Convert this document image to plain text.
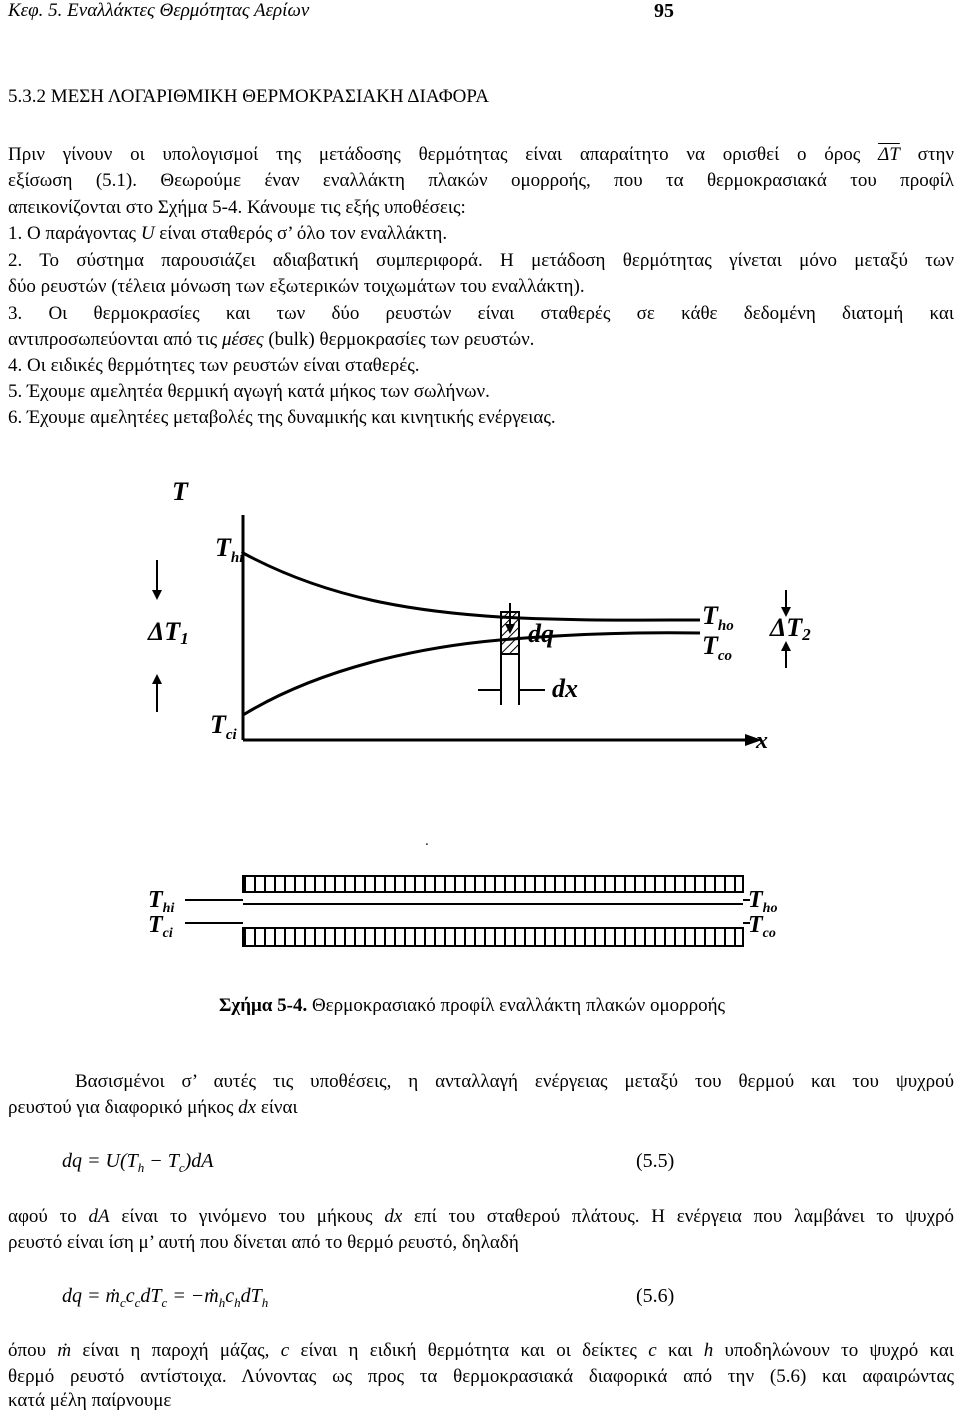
Κεφ. 5. Εναλλάκτες Θερμότητας Αερίων	95
5.3.2 ΜΕΣΗ ΛΟΓΑΡΙΘΜΙΚΗ ΘΕΡΜΟΚΡΑΣΙΑΚΗ ΔΙΑΦΟΡΑ
Πριν γίνουν οι υπολογισμοί της μετάδοσης θερμότητας είναι απαραίτητο να ορισθεί ο όρος $\overline{\Delta T}$ στην
εξίσωση (5.1). Θεωρούμε έναν εναλλάκτη πλακών ομορροής, που τα θερμοκρασιακά του προφίλ
απεικονίζονται στο Σχήμα 5-4. Κάνουμε τις εξής υποθέσεις:
1. Ο παράγοντας U είναι σταθερός σ’ όλο τον εναλλάκτη.
2. Το σύστημα παρουσιάζει αδιαβατική συμπεριφορά. Η μετάδοση θερμότητας γίνεται μόνο μεταξύ των
δύο ρευστών (τέλεια μόνωση των εξωτερικών τοιχωμάτων του εναλλάκτη).
3. Οι θερμοκρασίες και των δύο ρευστών είναι σταθερές σε κάθε δεδομένη διατομή και
αντιπροσωπεύονται από τις μέσες (bulk) θερμοκρασίες των ρευστών.
4. Οι ειδικές θερμότητες των ρευστών είναι σταθερές.
5. Έχουμε αμελητέα θερμική αγωγή κατά μήκος των σωλήνων.
6. Έχουμε αμελητέες μεταβολές της δυναμικής και κινητικής ενέργειας.
.
T
$T_{hi}$
ΔT1
$T_{ci}$
dq
dx
x
$T_{ho}$
$T_{co}$
ΔT2
$T_{hi}$
$T_{ci}$
$T_{ho}$
$T_{co}$
Σχήμα 5-4. Θερμοκρασιακό προφίλ εναλλάκτη πλακών ομορροής
Βασισμένοι σ’ αυτές τις υποθέσεις, η ανταλλαγή ενέργειας μεταξύ του θερμού και του ψυχρού
ρευστού για διαφορικό μήκος dx είναι
dq = $U(T_h - T_c)dA$	(5.5)
αφού το dA είναι το γινόμενο του μήκους dx επί του σταθερού πλάτους. Η ενέργεια που λαμβάνει το ψυχρό
ρευστό είναι ίση μ’ αυτή που δίνεται από το θερμό ρευστό, δηλαδή
dq = $ṁ_cc_cdT_c$ = $-ṁ_hc_hdT_h$	(5.6)
όπου ṁ είναι η παροχή μάζας, c είναι η ειδική θερμότητα και οι δείκτες c και h υποδηλώνουν το ψυχρό και
θερμό ρευστό αντίστοιχα. Λύνοντας ως προς τα θερμοκρασιακά διαφορικά από την (5.6) και αφαιρώντας
κατά μέλη παίρνουμε
